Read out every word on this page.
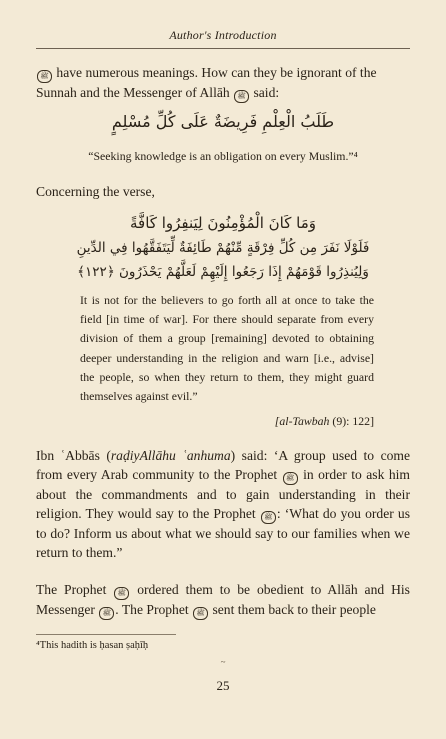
Author's Introduction
ﷺ have numerous meanings. How can they be ignorant of the
Sunnah and the Messenger of Allāh ﷺ said:
طَلَبُ الْعِلْمِ فَرِيضَةٌ عَلَى كُلِّ مُسْلِمٍ
“Seeking knowledge is an obligation on every Muslim.”⁴
Concerning the verse,
وَمَا كَانَ الْمُؤْمِنُونَ لِيَنفِرُوا كَافَّةً
فَلَوْلَا نَفَرَ مِن كُلِّ فِرْقَةٍ مِّنْهُمْ طَائِفَةٌ لِّيَتَفَقَّهُوا فِي الدِّينِ
وَلِيُنذِرُوا قَوْمَهُمْ إِذَا رَجَعُوا إِلَيْهِمْ لَعَلَّهُمْ يَحْذَرُونَ ﴿١٢٢﴾
It is not for the believers to go forth all at once to take the field [in time of war]. For there should separate from every division of them a group [remaining] devoted to obtaining deeper understanding in the religion and warn [i.e., advise] the people, so when they return to them, they might guard themselves against evil.”
[al-Tawbah (9): 122]
Ibn ʿAbbās (raḍiyAllāhu ʿanhuma) said: ‘A group used to come from every Arab community to the Prophet ﷺ in order to ask him about the commandments and to gain understanding in their religion. They would say to the Prophet ﷺ : ‘What do you order us to do? Inform us about what we should say to our families when we return to them.”
The Prophet ﷺ ordered them to be obedient to Allāh and His Messenger ﷺ . The Prophet ﷺ sent them back to their people
⁴This hadith is ḥasan ṣaḥīḥ
~
25
